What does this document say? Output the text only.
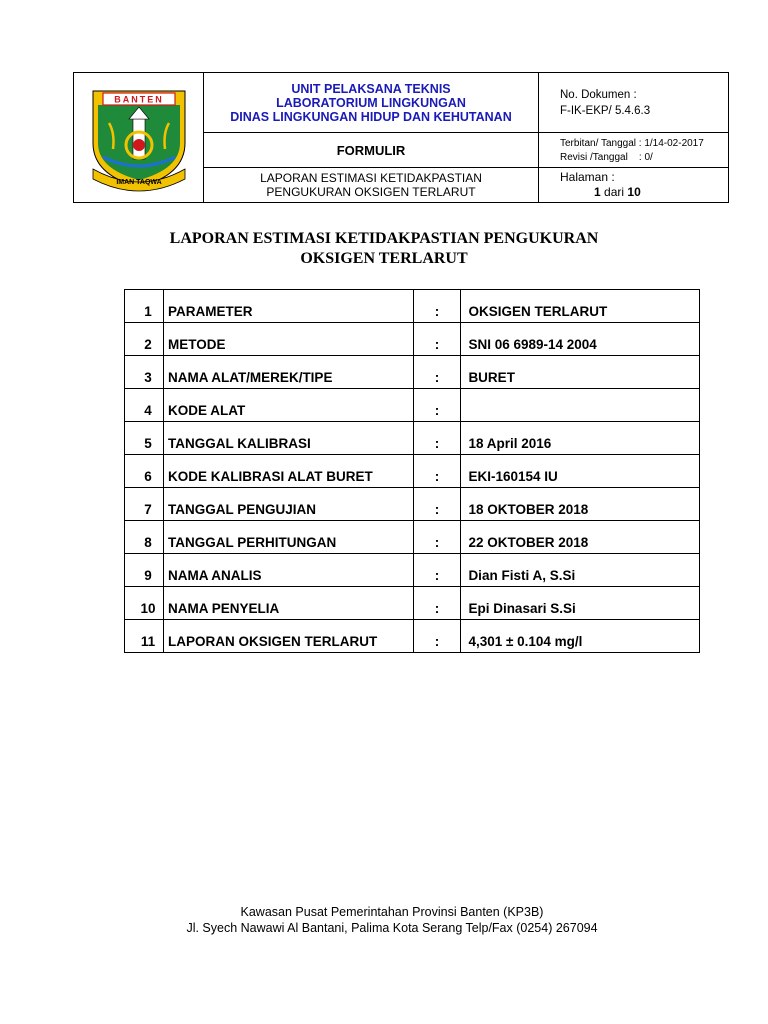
BANTEN
IMAN TAQWA
UNIT PELAKSANA TEKNIS
LABORATORIUM LINGKUNGAN
DINAS LINGKUNGAN HIDUP DAN KEHUTANAN
FORMULIR
LAPORAN ESTIMASI KETIDAKPASTIAN
PENGUKURAN OKSIGEN TERLARUT
No. Dokumen :
F-IK-EKP/ 5.4.6.3
Terbitan/ Tanggal : 1/14-02-2017
Revisi /Tanggal    : 0/
Halaman :
1 dari 10
LAPORAN ESTIMASI KETIDAKPASTIAN PENGUKURAN
OKSIGEN TERLARUT
1	PARAMETER	:	OKSIGEN TERLARUT
2	METODE	:	SNI 06 6989-14 2004
3	NAMA ALAT/MEREK/TIPE	:	BURET
4	KODE ALAT	:	
5	TANGGAL KALIBRASI	:	18 April 2016
6	KODE KALIBRASI ALAT BURET	:	EKI-160154 IU
7	TANGGAL PENGUJIAN	:	18 OKTOBER 2018
8	TANGGAL PERHITUNGAN	:	22 OKTOBER 2018
9	NAMA ANALIS	:	Dian Fisti A, S.Si
10	NAMA PENYELIA	:	Epi Dinasari S.Si
11	LAPORAN OKSIGEN TERLARUT	:	4,301 ± 0.104 mg/l
Kawasan Pusat Pemerintahan Provinsi Banten (KP3B)
Jl. Syech Nawawi Al Bantani, Palima Kota Serang Telp/Fax (0254) 267094
